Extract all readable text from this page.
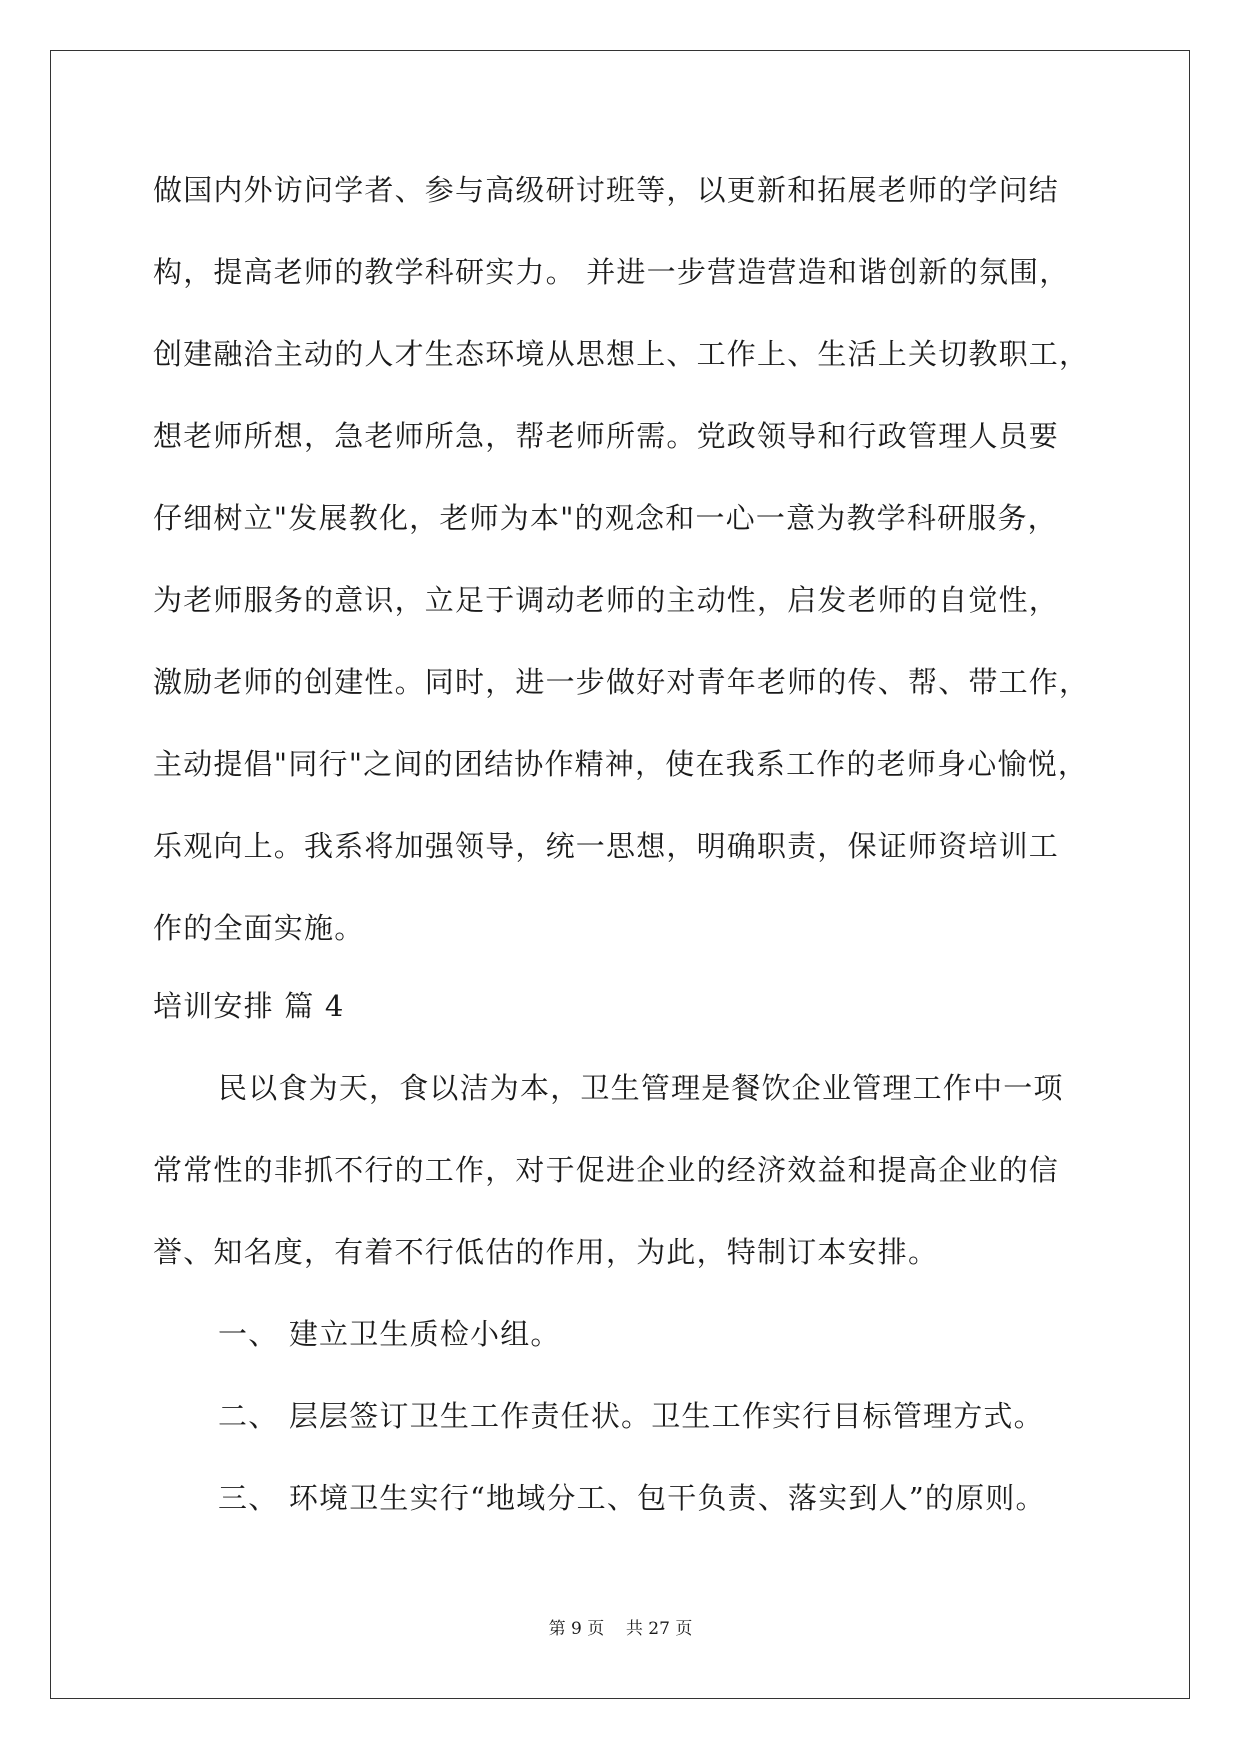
做国内外访问学者、参与高级研讨班等，以更新和拓展老师的学问结
构，提高老师的教学科研实力。 并进一步营造营造和谐创新的氛围，
创建融洽主动的人才生态环境从思想上、工作上、生活上关切教职工，
想老师所想，急老师所急，帮老师所需。党政领导和行政管理人员要
仔细树立"发展教化，老师为本"的观念和一心一意为教学科研服务，
为老师服务的意识，立足于调动老师的主动性，启发老师的自觉性，
激励老师的创建性。同时，进一步做好对青年老师的传、帮、带工作，
主动提倡"同行"之间的团结协作精神，使在我系工作的老师身心愉悦，
乐观向上。我系将加强领导，统一思想，明确职责，保证师资培训工
作的全面实施。
培训安排 篇 4
民以食为天，食以洁为本，卫生管理是餐饮企业管理工作中一项
常常性的非抓不行的工作，对于促进企业的经济效益和提高企业的信
誉、知名度，有着不行低估的作用，为此，特制订本安排。
一、 建立卫生质检小组。
二、 层层签订卫生工作责任状。卫生工作实行目标管理方式。
三、 环境卫生实行“地域分工、包干负责、落实到人”的原则。
第 9 页 共 27 页
